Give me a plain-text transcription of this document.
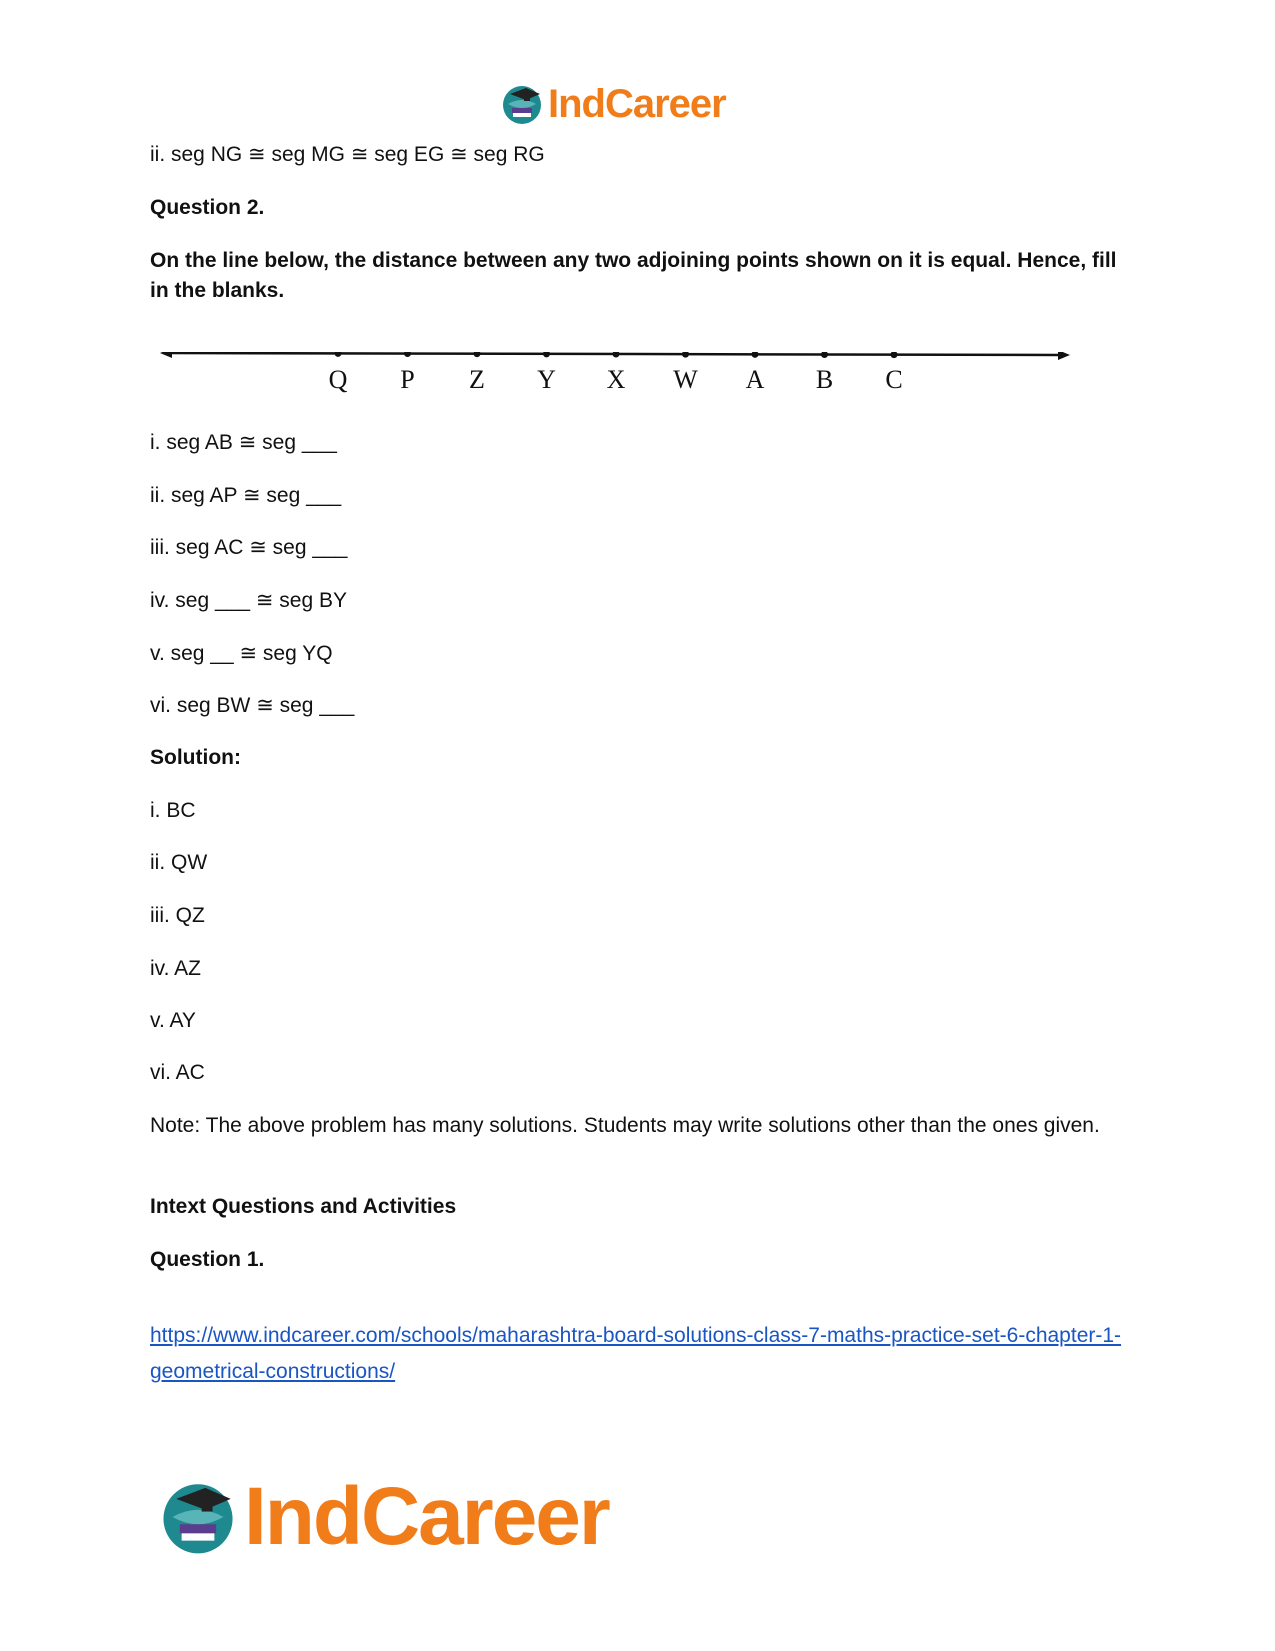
IndCareer
ii. seg NG ≅ seg MG ≅ seg EG ≅ seg RG
Question 2.
On the line below, the distance between any two adjoining points shown on it is equal. Hence, fill in the blanks.
Q P Z Y X W A B C
i. seg AB ≅ seg ___
ii. seg AP ≅ seg ___
iii. seg AC ≅ seg ___
iv. seg ___ ≅ seg BY
v. seg __ ≅ seg YQ
vi. seg BW ≅ seg ___
Solution:
i. BC
ii. QW
iii. QZ
iv. AZ
v. AY
vi. AC
Note: The above problem has many solutions. Students may write solutions other than the ones given.
Intext Questions and Activities
Question 1.
https://www.indcareer.com/schools/maharashtra-board-solutions-class-7-maths-practice-set-6-chapter-1-geometrical-constructions/
IndCareer
